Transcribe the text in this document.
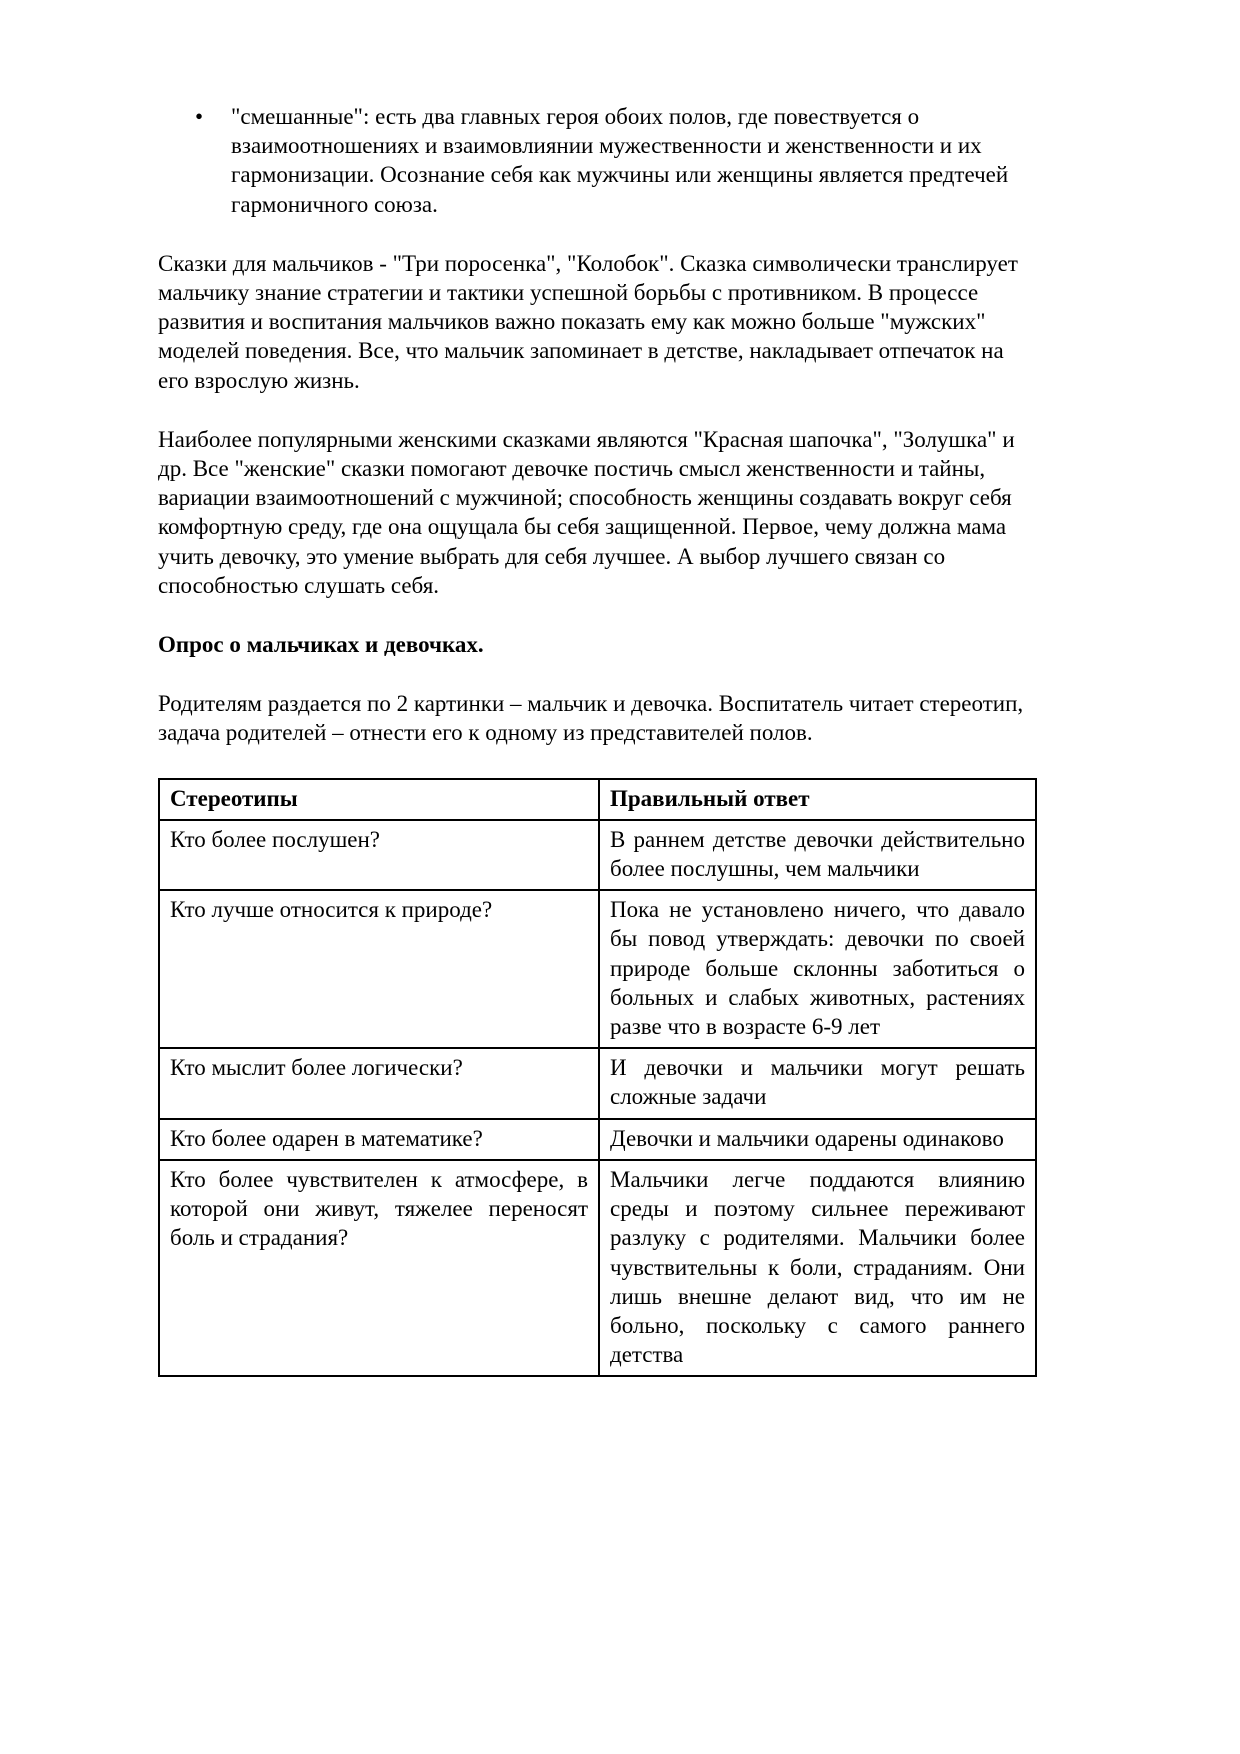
•	"смешанные": есть два главных героя обоих полов, где повествуется о взаимоотношениях и взаимовлиянии мужественности и женственности и их гармонизации. Осознание себя как мужчины или женщины является предтечей гармоничного союза.

Сказки для мальчиков - "Три поросенка", "Колобок". Сказка символически транслирует мальчику знание стратегии и тактики успешной борьбы с противником. В процессе развития и воспитания мальчиков важно показать ему как можно больше "мужских" моделей поведения. Все, что мальчик запоминает в детстве, накладывает отпечаток на его взрослую жизнь.

Наиболее популярными женскими сказками являются "Красная шапочка", "Золушка" и др. Все "женские" сказки помогают девочке постичь смысл женственности и тайны, вариации взаимоотношений с мужчиной; способность женщины создавать вокруг себя комфортную среду, где она ощущала бы себя защищенной. Первое, чему должна мама учить девочку, это умение выбрать для себя лучшее. А выбор лучшего связан со способностью слушать себя.

Опрос о мальчиках и девочках.

Родителям раздается по 2 картинки – мальчик и девочка. Воспитатель читает стереотип, задача родителей – отнести его к одному из представителей полов.

Стереотипы	Правильный ответ
Кто более послушен?	В раннем детстве девочки действительно более послушны, чем мальчики
Кто лучше относится к природе?	Пока не установлено ничего, что давало бы повод утверждать: девочки по своей природе больше склонны заботиться о больных и слабых животных, растениях разве что в возрасте 6-9 лет
Кто мыслит более логически?	И девочки и мальчики могут решать сложные задачи
Кто более одарен в математике?	Девочки и мальчики одарены одинаково
Кто более чувствителен к атмосфере, в которой они живут, тяжелее переносят боль и страдания?	Мальчики легче поддаются влиянию среды и поэтому сильнее переживают разлуку с родителями. Мальчики более чувствительны к боли, страданиям. Они лишь внешне делают вид, что им не больно, поскольку с самого раннего детства
